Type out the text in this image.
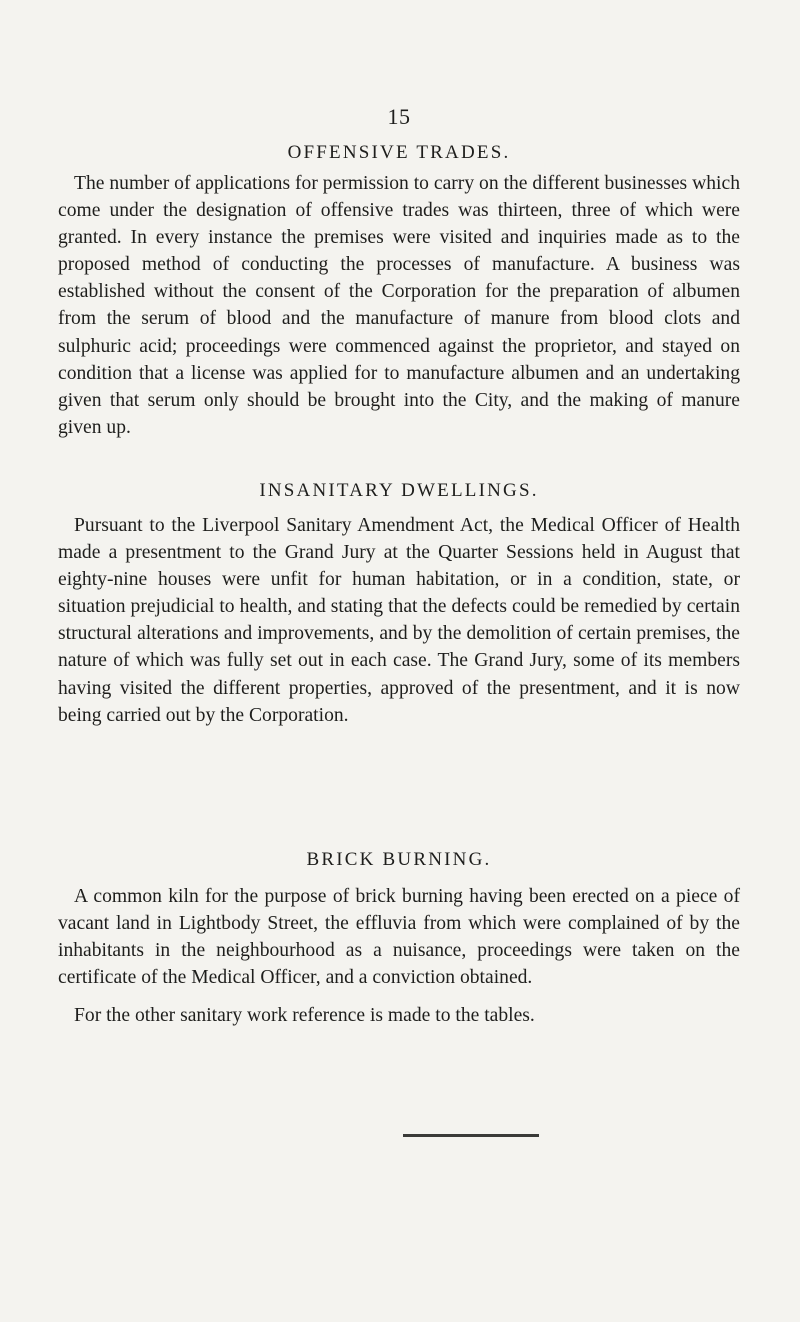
15
OFFENSIVE TRADES.

The number of applications for permission to carry on the different businesses which come under the designation of offensive trades was thirteen, three of which were granted. In every instance the premises were visited and inquiries made as to the proposed method of conducting the processes of manufacture. A business was established without the consent of the Corporation for the preparation of albumen from the serum of blood and the manufacture of manure from blood clots and sulphuric acid; proceedings were commenced against the proprietor, and stayed on condition that a license was applied for to manufacture albumen and an undertaking given that serum only should be brought into the City, and the making of manure given up.

INSANITARY DWELLINGS.

Pursuant to the Liverpool Sanitary Amendment Act, the Medical Officer of Health made a presentment to the Grand Jury at the Quarter Sessions held in August that eighty-nine houses were unfit for human habitation, or in a condition, state, or situation prejudicial to health, and stating that the defects could be remedied by certain structural alterations and improvements, and by the demolition of certain premises, the nature of which was fully set out in each case. The Grand Jury, some of its members having visited the different properties, approved of the presentment, and it is now being carried out by the Corporation.

BRICK BURNING.

A common kiln for the purpose of brick burning having been erected on a piece of vacant land in Lightbody Street, the effluvia from which were complained of by the inhabitants in the neighbourhood as a nuisance, proceedings were taken on the certificate of the Medical Officer, and a conviction obtained.

For the other sanitary work reference is made to the tables.
